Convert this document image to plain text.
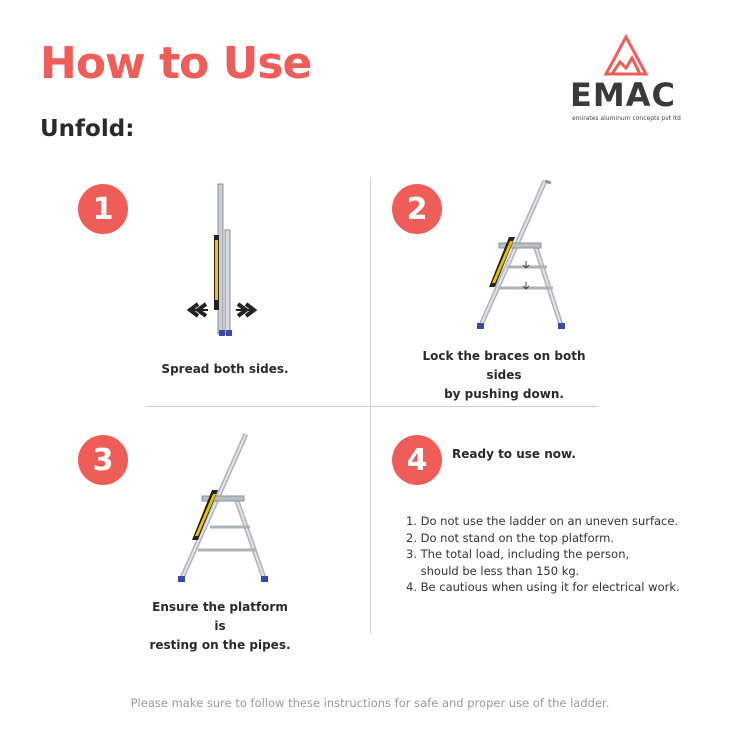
How to Use
Unfold:
EMAC
emirates aluminum concepts pvt ltd
1
Spread both sides.
2
Lock the braces on both sides
by pushing down.
3
Ensure the platform is
resting on the pipes.
4	Ready to use now.
1. Do not use the ladder on an uneven surface.
2. Do not stand on the top platform.
3. The total load, including the person,
should be less than 150 kg.
4. Be cautious when using it for electrical work.
Please make sure to follow these instructions for safe and proper use of the ladder.
